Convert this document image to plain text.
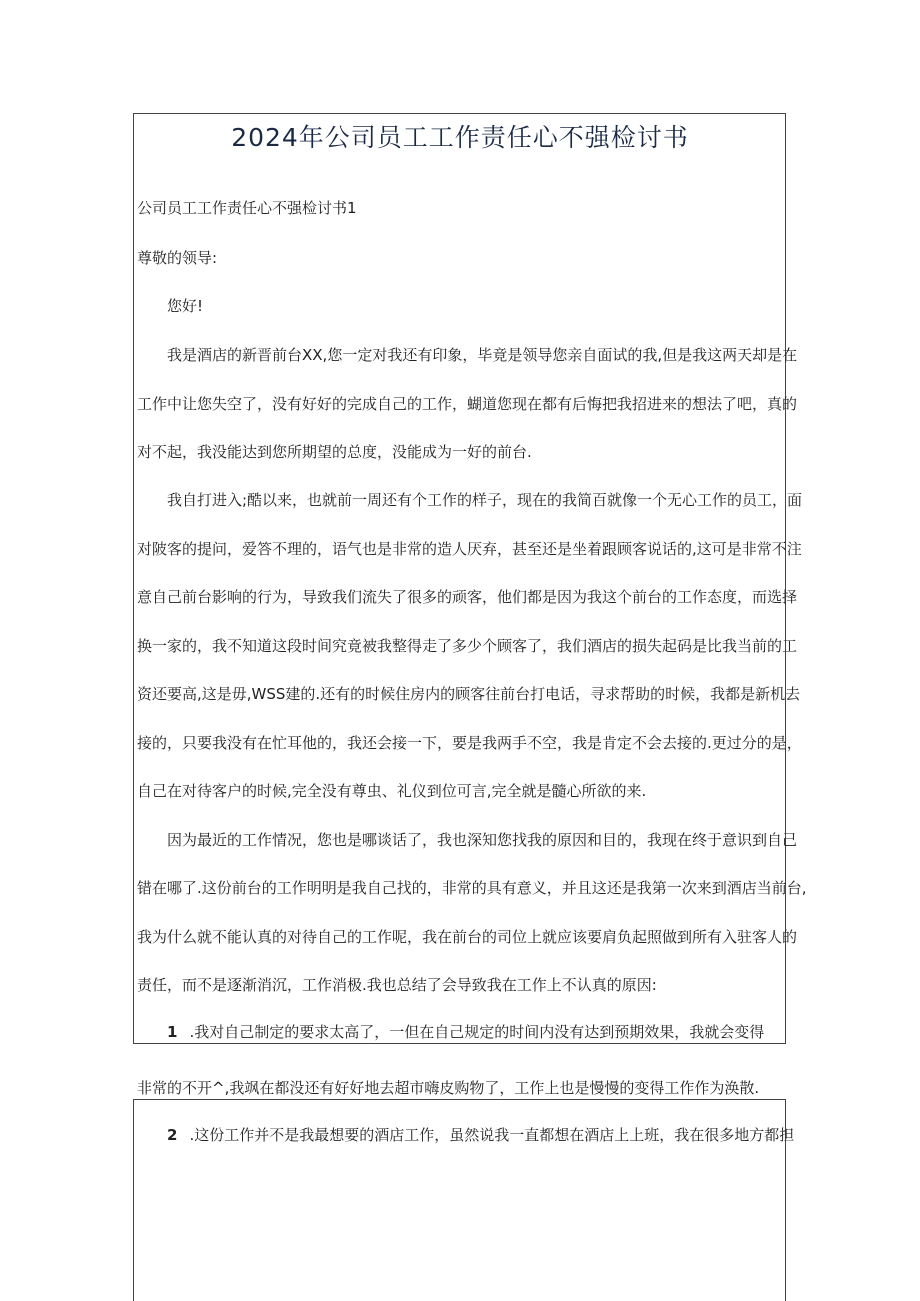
2024年公司员工工作责任心不强检讨书

公司员工工作责任心不强检讨书1

尊敬的领导:

您好!

我是酒店的新晋前台XX,您一定对我还有印象，毕竟是领导您亲自面试的我,但是我这两天却是在

工作中让您失空了，没有好好的完成自己的工作，蝴道您现在都有后悔把我招进来的想法了吧，真的

对不起，我没能达到您所期望的总度，没能成为一好的前台.

我自打进入;酷以来，也就前一周还有个工作的样子，现在的我简百就像一个无心工作的员工，面

对陂客的提问，爱答不理的，语气也是非常的造人厌弃，甚至还是坐着跟顾客说话的,这可是非常不注

意自己前台影响的行为，导致我们流失了很多的顽客，他们都是因为我这个前台的工作态度，而选择

换一家的，我不知道这段时间究竟被我整得走了多少个顾客了，我们酒店的损失起码是比我当前的工

资还要高,这是毋,WSS建的.还有的时候住房内的顾客往前台打电话，寻求帮助的时候，我都是新机去

接的，只要我没有在忙耳他的，我还会接一下，要是我两手不空，我是肯定不会去接的.更过分的是，

自己在对待客户的时候,完全没有尊虫、礼仪到位可言,完全就是髓心所欲的来.

因为最近的工作情况，您也是哪谈话了，我也深知您找我的原因和目的，我现在终于意识到自己

错在哪了.这份前台的工作明明是我自己找的，非常的具有意义，并且这还是我第一次来到酒店当前台,

我为什么就不能认真的对待自己的工作呢，我在前台的司位上就应该要肩负起照做到所有入驻客人的

责任，而不是逐渐消沉，工作消极.我也总结了会导致我在工作上不认真的原因:

1 .我对自己制定的要求太高了，一但在自己规定的时间内没有达到预期效果，我就会变得

非常的不开^,我飒在都没还有好好地去超市嗨皮购物了，工作上也是慢慢的变得工作作为涣散.

2 .这份工作并不是我最想要的酒店工作，虽然说我一直都想在酒店上上班，我在很多地方都担
